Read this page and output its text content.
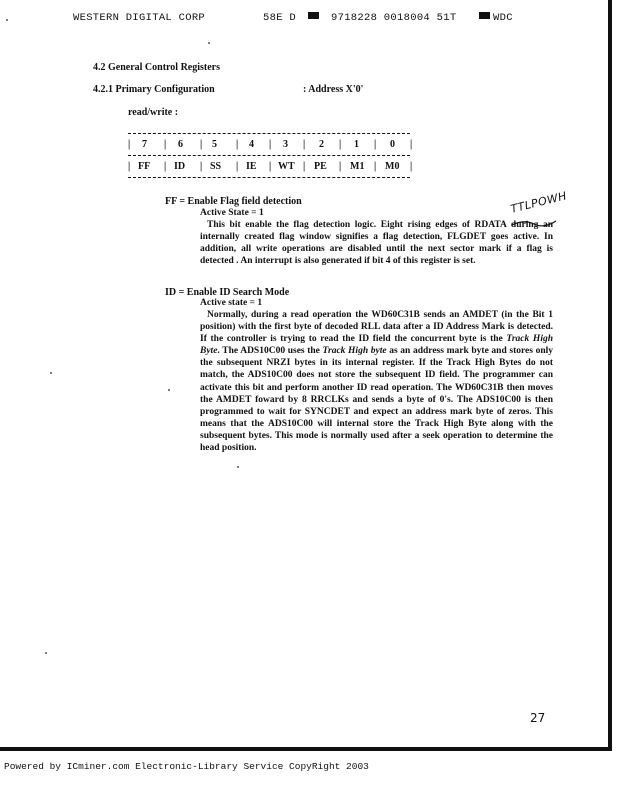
WESTERN DIGITAL CORP	58E D	9718228 0018004 51T	WDC
4.2 General Control Registers
4.2.1 Primary Configuration	: Address X'0'
read/write :
| 7 | 6 | 5 | 4 | 3 | 2 | 1 | 0 |
| FF | ID | SS | IE | WT | PE | M1 | M0 |
FF = Enable Flag field detection
Active State = 1

This bit enable the flag detection logic. Eight rising edges of RDATA during an internally created flag window signifies a flag detection, FLGDET goes active. In addition, all write operations are disabled until the next sector mark if a flag is detected . An interrupt is also generated if bit 4 of this register is set.

TTLPOWH
ID = Enable ID Search Mode
Active state = 1

Normally, during a read operation the WD60C31B sends an AMDET (in the Bit 1 position) with the first byte of decoded RLL data after a ID Address Mark is detected. If the controller is trying to read the ID field the concurrent byte is the Track High Byte. The ADS10C00 uses the Track High byte as an address mark byte and stores only the subsequent NRZI bytes in its internal register. If the Track High Bytes do not match, the ADS10C00 does not store the subsequent ID field. The programmer can activate this bit and perform another ID read operation. The WD60C31B then moves the AMDET foward by 8 RRCLKs and sends a byte of 0's. The ADS10C00 is then programmed to wait for SYNCDET and expect an address mark byte of zeros. This means that the ADS10C00 will internal store the Track High Byte along with the subsequent bytes. This mode is normally used after a seek operation to determine the head position.

27
Powered by ICminer.com Electronic-Library Service CopyRight 2003
